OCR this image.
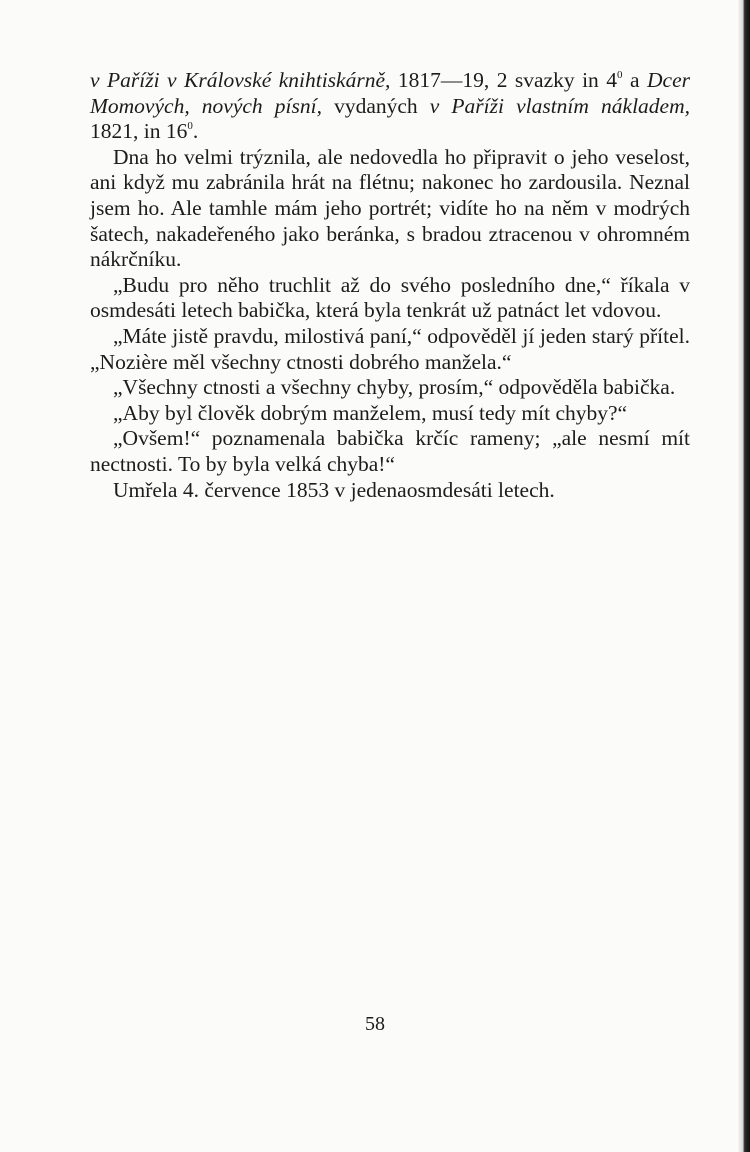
v Paříži v Královské knihtiskárně, 1817—19, 2 svazky in $4^0$ a Dcer Momových, nových písní, vydaných v Paříži vlastním nákladem, 1821, in $16^0$.

Dna ho velmi trýznila, ale nedovedla ho připravit o jeho veselost, ani když mu zabránila hrát na flétnu; nakonec ho zardousila. Neznal jsem ho. Ale tamhle mám jeho portrét; vidíte ho na něm v modrých šatech, nakadeřeného jako beránka, s bradou ztracenou v ohromném nákrčníku.

„Budu pro něho truchlit až do svého posledního dne,“ říkala v osmdesáti letech babička, která byla tenkrát už patnáct let vdovou.

„Máte jistě pravdu, milostivá paní,“ odpověděl jí jeden starý přítel. „Nozière měl všechny ctnosti dobrého manžela.“

„Všechny ctnosti a všechny chyby, prosím,“ odpověděla babička.

„Aby byl člověk dobrým manželem, musí tedy mít chyby?“

„Ovšem!“ poznamenala babička krčíc rameny; „ale nesmí mít nectnosti. To by byla velká chyba!“

Umřela 4. července 1853 v jedenaosmdesáti letech.

58
